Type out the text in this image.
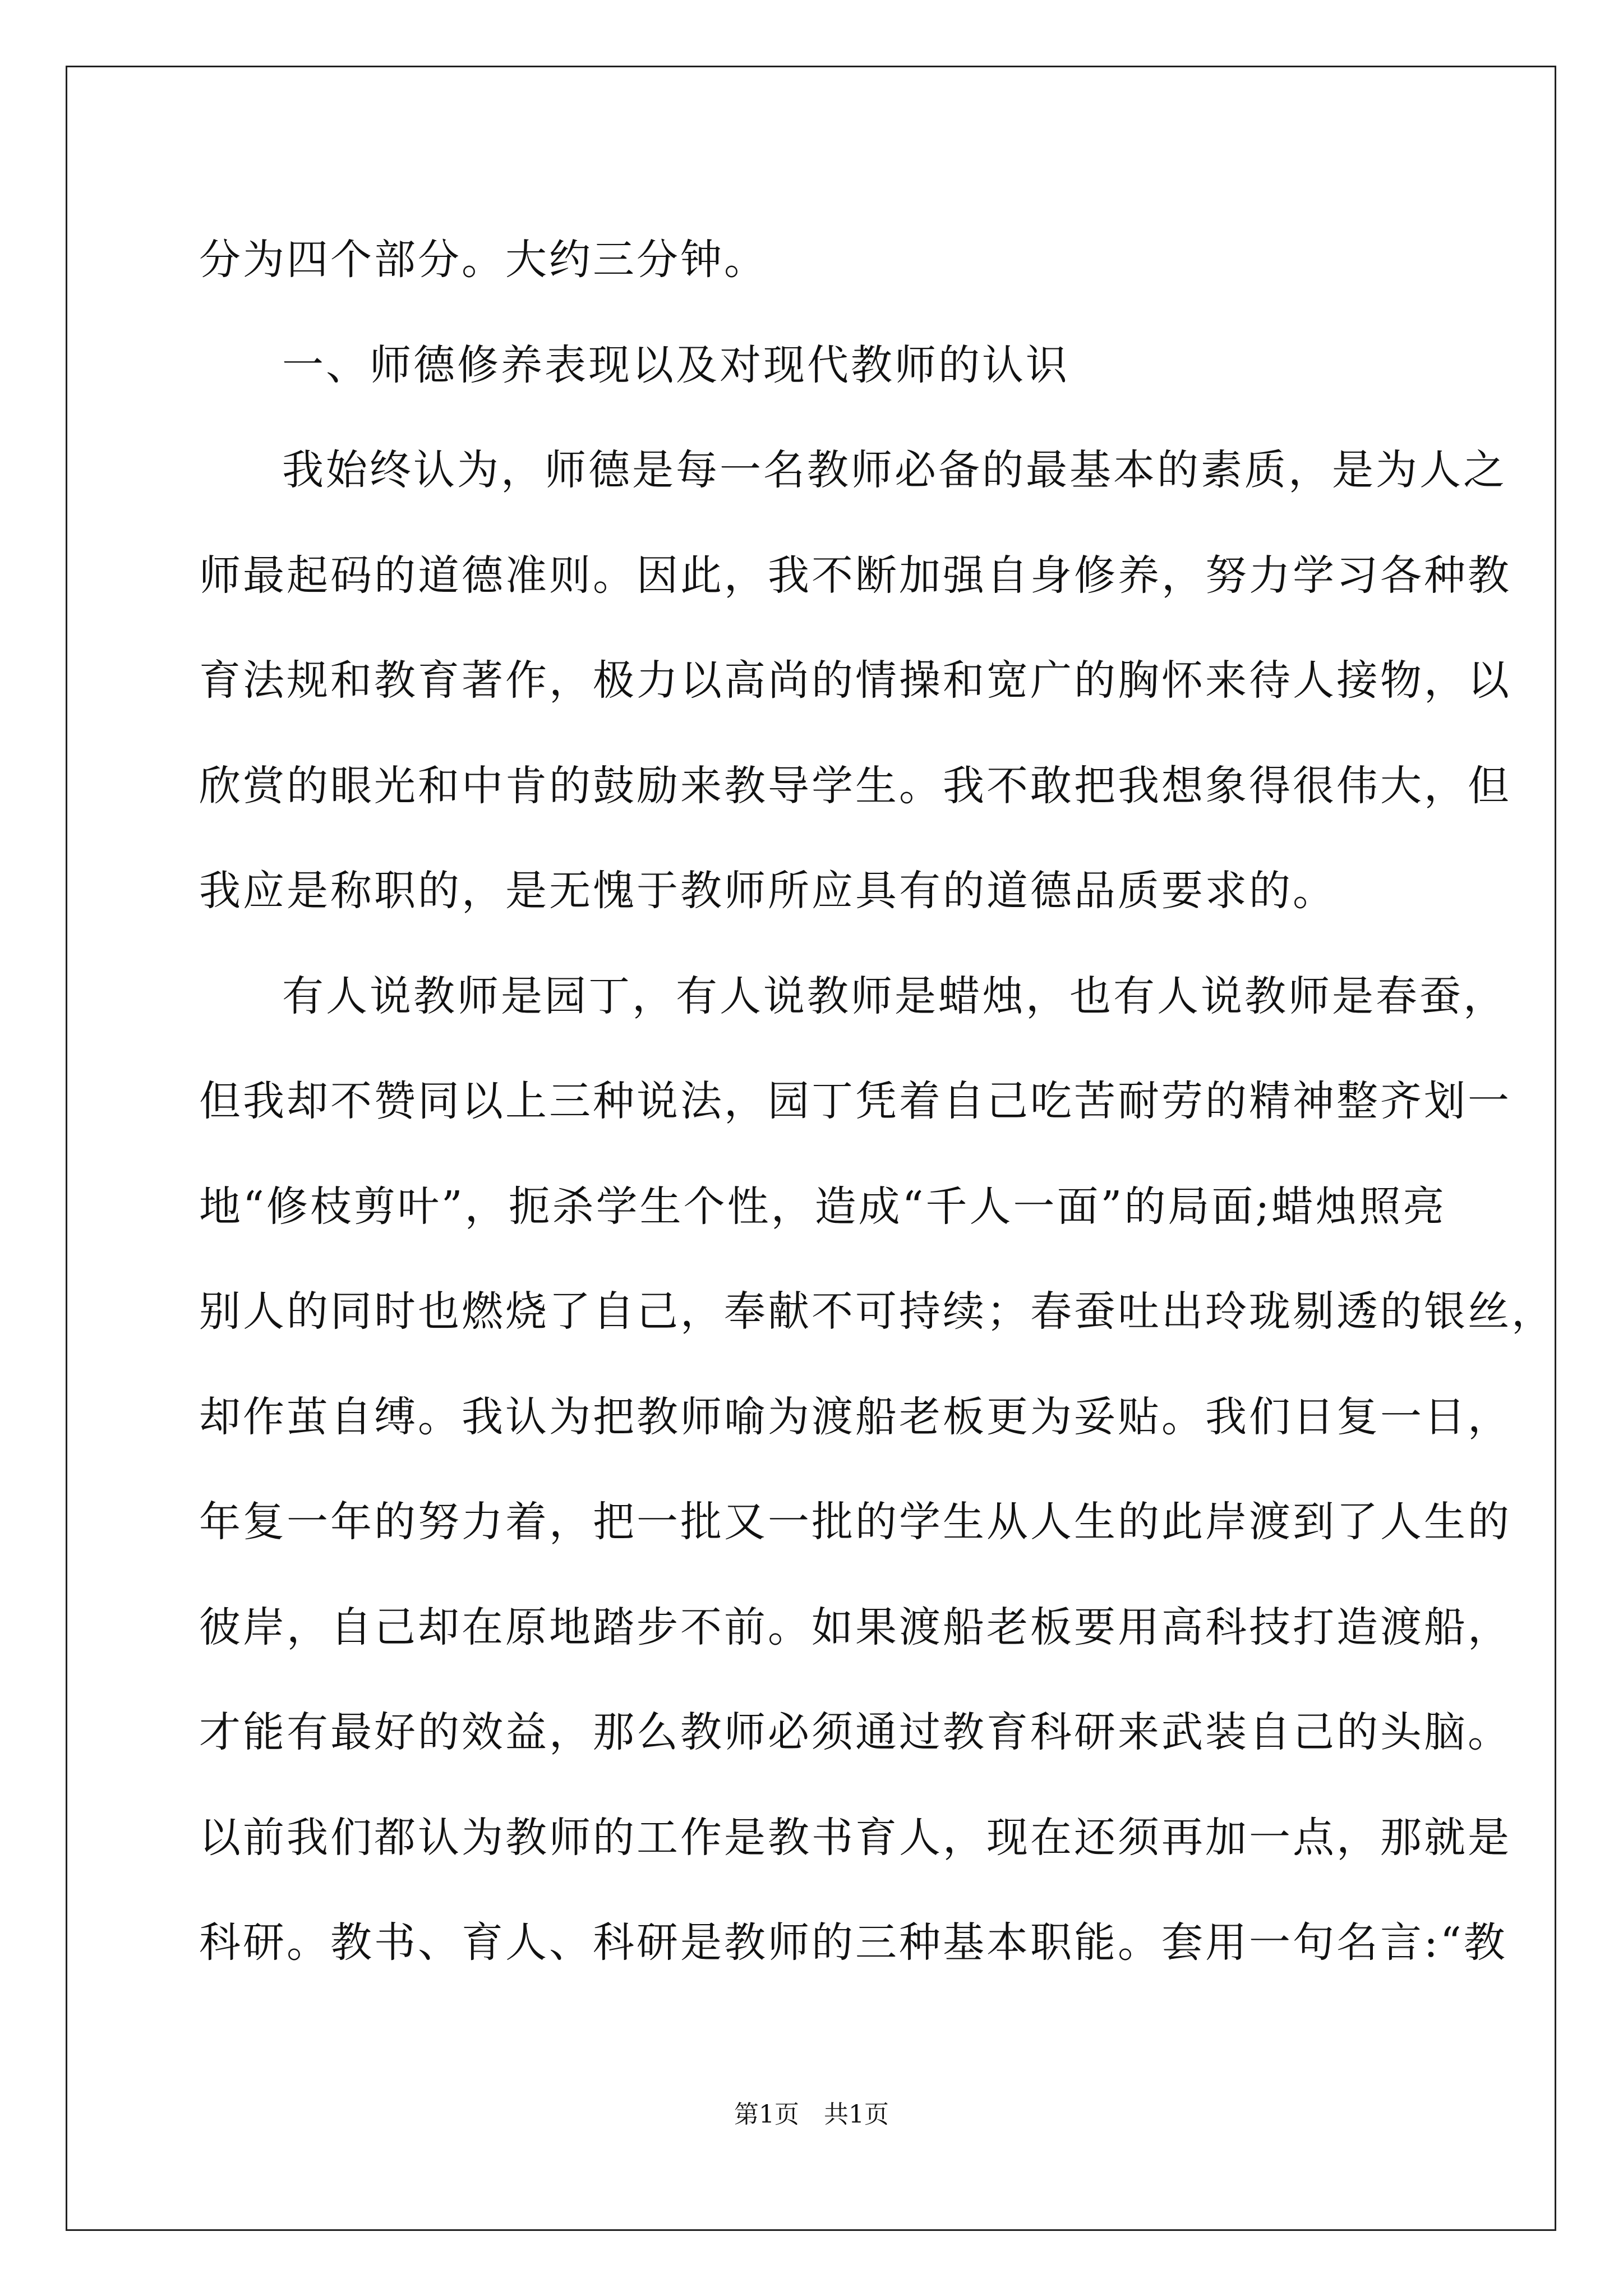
分为四个部分。大约三分钟。
一、师德修养表现以及对现代教师的认识
我始终认为，师德是每一名教师必备的最基本的素质，是为人之
师最起码的道德准则。因此，我不断加强自身修养，努力学习各种教
育法规和教育著作，极力以高尚的情操和宽广的胸怀来待人接物，以
欣赏的眼光和中肯的鼓励来教导学生。我不敢把我想象得很伟大，但
我应是称职的，是无愧于教师所应具有的道德品质要求的。
有人说教师是园丁，有人说教师是蜡烛，也有人说教师是春蚕，
但我却不赞同以上三种说法，园丁凭着自己吃苦耐劳的精神整齐划一
地“修枝剪叶”，扼杀学生个性，造成“千人一面”的局面;蜡烛照亮
别人的同时也燃烧了自己，奉献不可持续；春蚕吐出玲珑剔透的银丝，
却作茧自缚。我认为把教师喻为渡船老板更为妥贴。我们日复一日，
年复一年的努力着，把一批又一批的学生从人生的此岸渡到了人生的
彼岸，自己却在原地踏步不前。如果渡船老板要用高科技打造渡船，
才能有最好的效益，那么教师必须通过教育科研来武装自己的头脑。
以前我们都认为教师的工作是教书育人，现在还须再加一点，那就是
科研。教书、育人、科研是教师的三种基本职能。套用一句名言:“教
第1页　共1页
